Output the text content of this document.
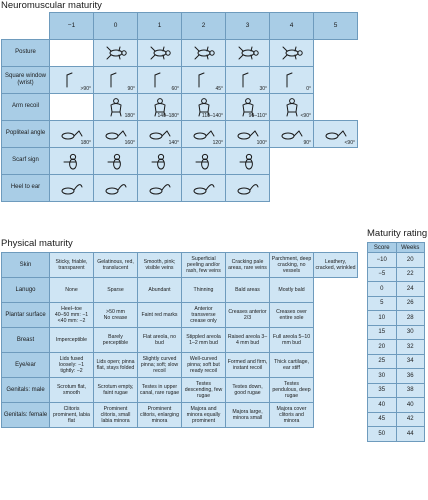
Neuromuscular maturity
	−1	0	1	2	3	4	5
Posture		

Square window (wrist)	>90°	90°	60°	45°	30°	0°	

Arm recoil		180°	140–180°	110–140°	90–110°	<90°	

Popliteal angle	180°	160°	140°	120°	100°	90°	<90°

Scarf sign	

Heel to ear	

Physical maturity
Skin	Sticky, friable, transparent	Gelatinous, red, translucent	Smooth, pink; visible veins	Superficial peeling and/or rash, few veins	Cracking pale areas, rare veins	Parchment, deep cracking, no vessels	Leathery, cracked, wrinkled
Lanugo	None	Sparse	Abundant	Thinning	Bald areas	Mostly bald	
Plantar surface	Heel–toe
40–50 mm: −1
<40 mm: −2	>50 mm
No crease	Faint red marks	Anterior transverse crease only	Creases anterior 2/3	Creases over entire sole	
Breast	Imperceptible	Barely perceptible	Flat areola, no bud	Stippled areola 1–2 mm bud	Raised areola 3–4 mm bud	Full areola 5–10 mm bud	
Eye/ear	Lids fused
loosely: −1
tightly: −2	Lids open; pinna flat, stays folded	Slightly curved pinna; soft; slow recoil	Well-curved pinna; soft but ready recoil	Formed and firm, instant recoil	Thick cartilage, ear stiff	
Genitals: male	Scrotum flat, smooth	Scrotum empty, faint rugae	Testes in upper canal, rare rugae	Testes descending, few rugae	Testes down, good rugae	Testes pendulous, deep rugae	
Genitals: female	Clitoris prominent, labia flat	Prominent clitoris, small labia minora	Prominent clitoris, enlarging minora	Majora and minora equally prominent	Majora large, minora small	Majora cover clitoris and minora	
Maturity rating
Score	Weeks
−10	20
−5	22
0	24
5	26
10	28
15	30
20	32
25	34
30	36
35	38
40	40
45	42
50	44
